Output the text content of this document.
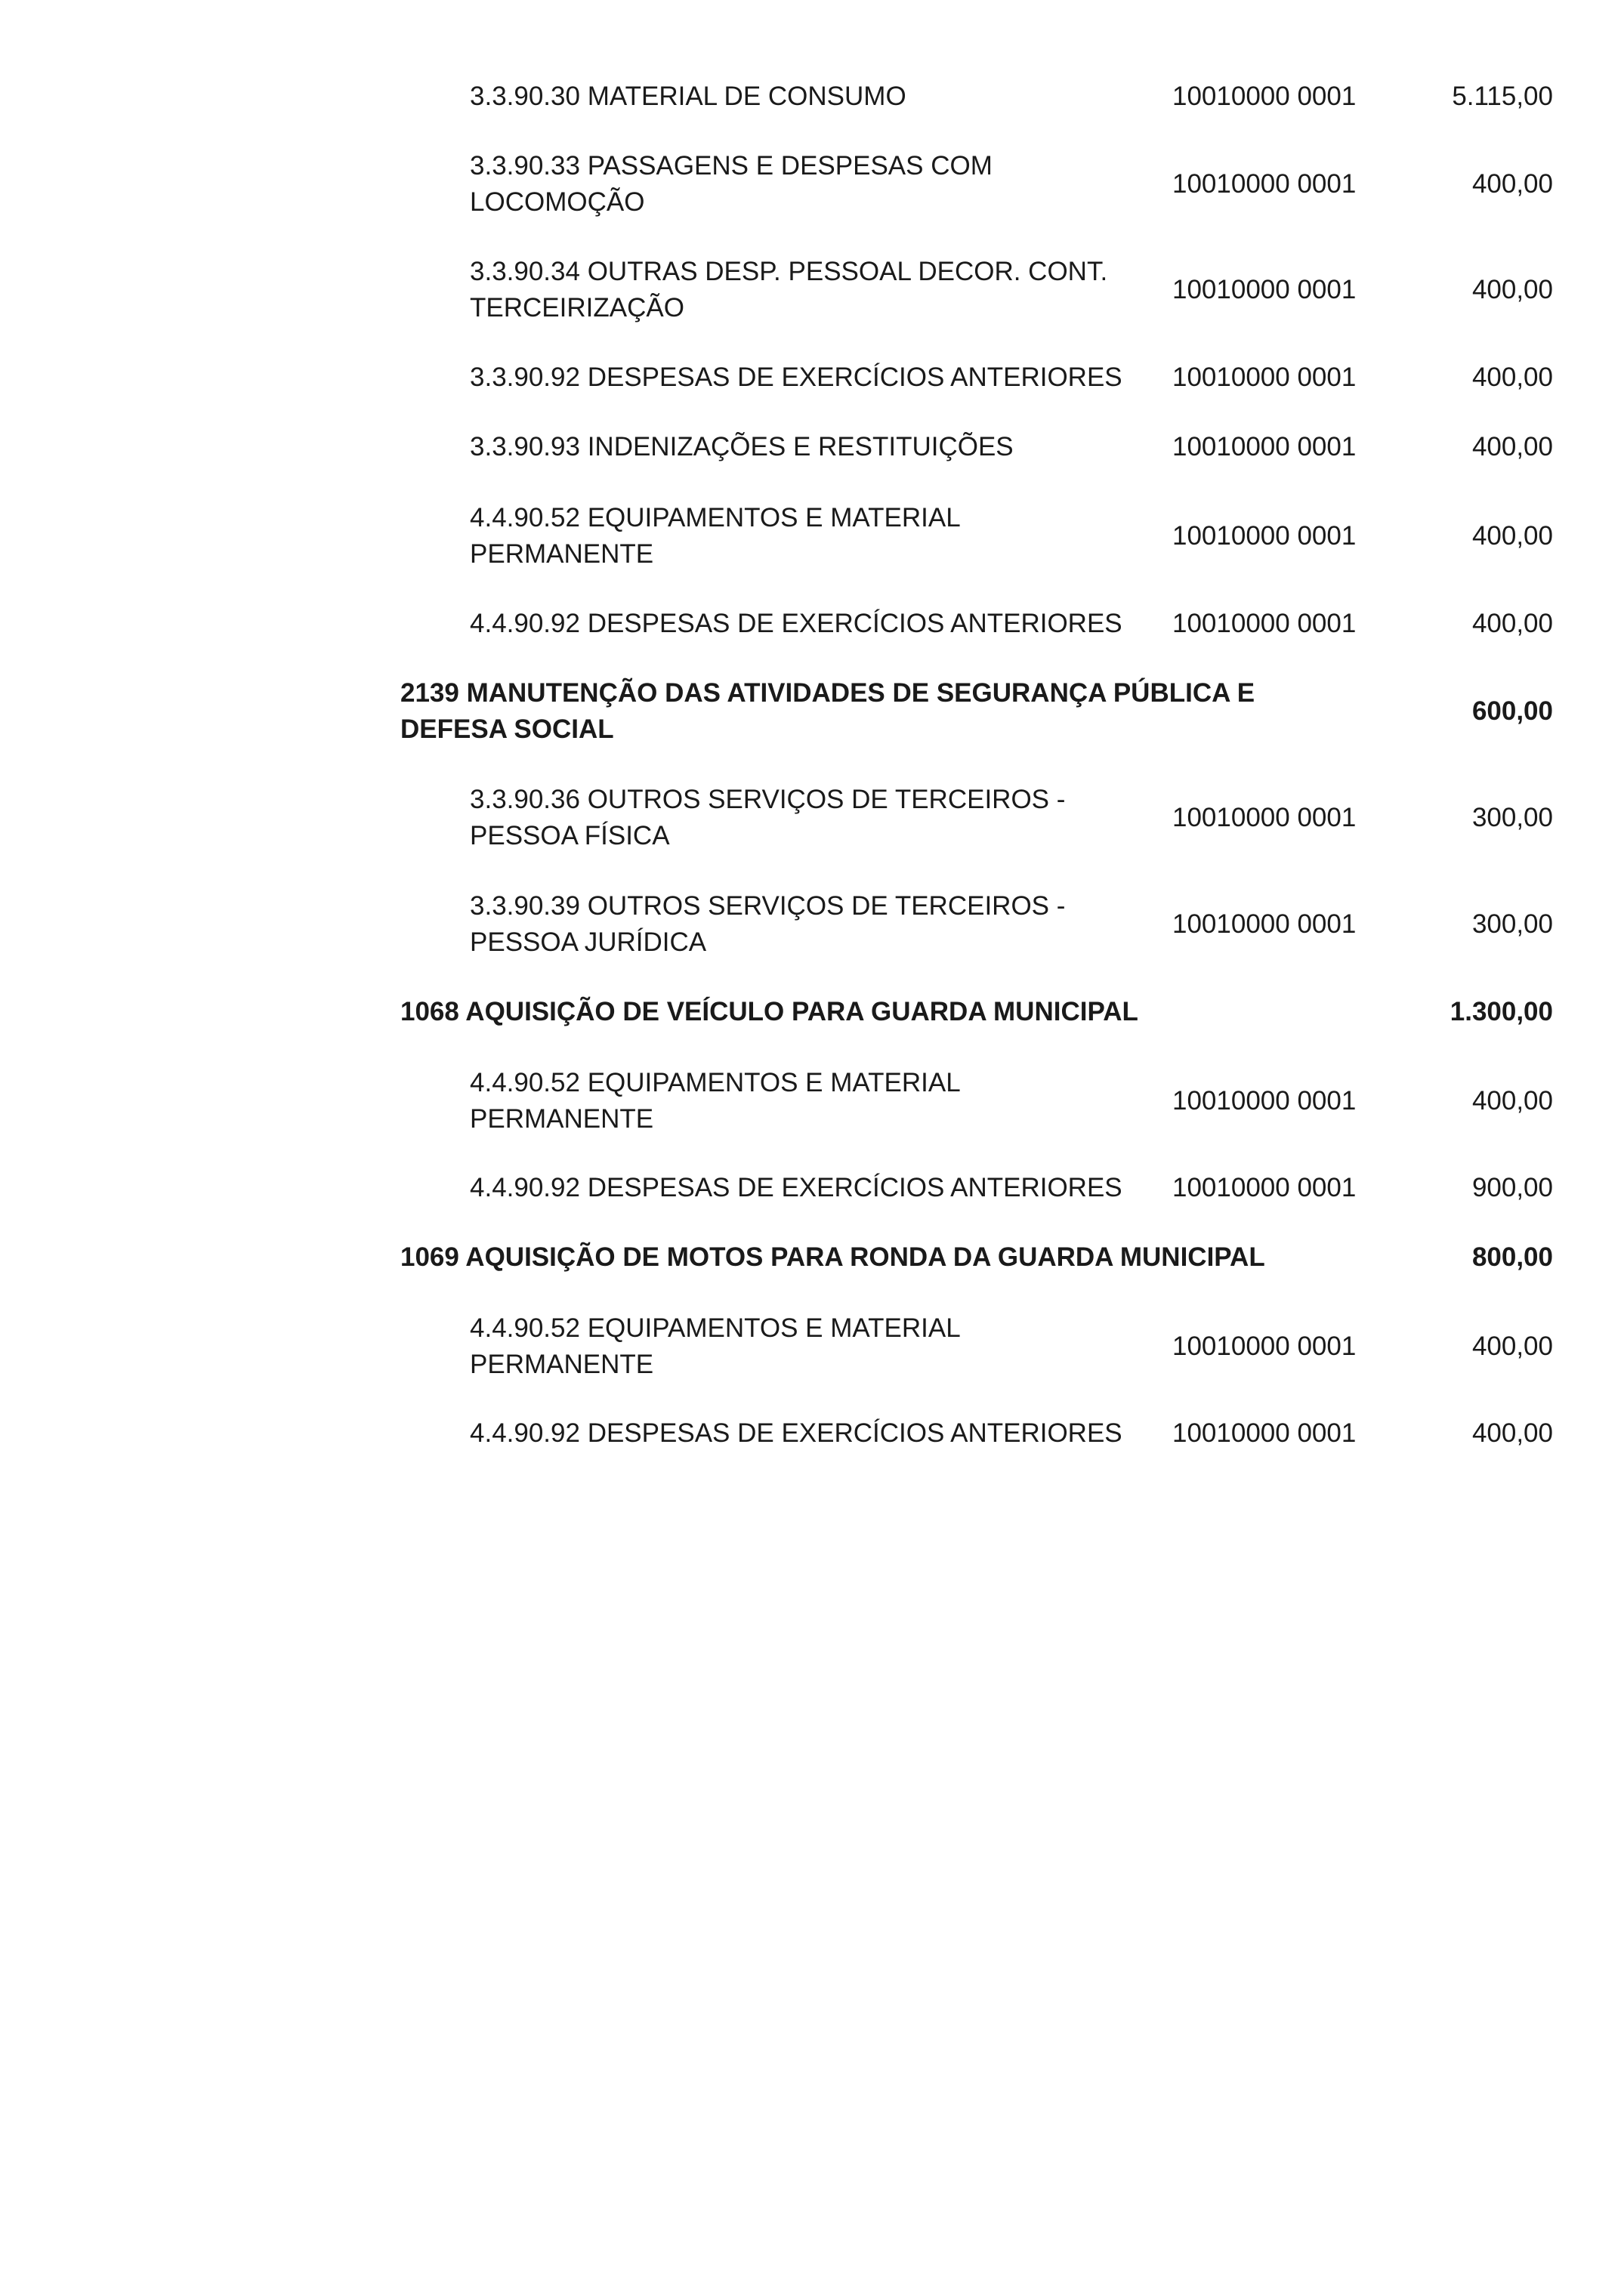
3.3.90.30 MATERIAL DE CONSUMO	10010000 0001	5.115,00
3.3.90.33 PASSAGENS E DESPESAS COM
LOCOMOÇÃO
10010000 0001	400,00
3.3.90.34 OUTRAS DESP. PESSOAL DECOR. CONT.
TERCEIRIZAÇÃO
10010000 0001	400,00
3.3.90.92 DESPESAS DE EXERCÍCIOS ANTERIORES	10010000 0001	400,00
3.3.90.93 INDENIZAÇÕES E RESTITUIÇÕES	10010000 0001	400,00
4.4.90.52 EQUIPAMENTOS E MATERIAL
PERMANENTE
10010000 0001	400,00
4.4.90.92 DESPESAS DE EXERCÍCIOS ANTERIORES	10010000 0001	400,00
2139 MANUTENÇÃO DAS ATIVIDADES DE SEGURANÇA PÚBLICA E
DEFESA SOCIAL
600,00
3.3.90.36 OUTROS SERVIÇOS DE TERCEIROS -
PESSOA FÍSICA
10010000 0001	300,00
3.3.90.39 OUTROS SERVIÇOS DE TERCEIROS -
PESSOA JURÍDICA
10010000 0001	300,00
1068 AQUISIÇÃO DE VEÍCULO PARA GUARDA MUNICIPAL	1.300,00
4.4.90.52 EQUIPAMENTOS E MATERIAL
PERMANENTE
10010000 0001	400,00
4.4.90.92 DESPESAS DE EXERCÍCIOS ANTERIORES	10010000 0001	900,00
1069 AQUISIÇÃO DE MOTOS PARA RONDA DA GUARDA MUNICIPAL	800,00
4.4.90.52 EQUIPAMENTOS E MATERIAL
PERMANENTE
10010000 0001	400,00
4.4.90.92 DESPESAS DE EXERCÍCIOS ANTERIORES	10010000 0001	400,00
